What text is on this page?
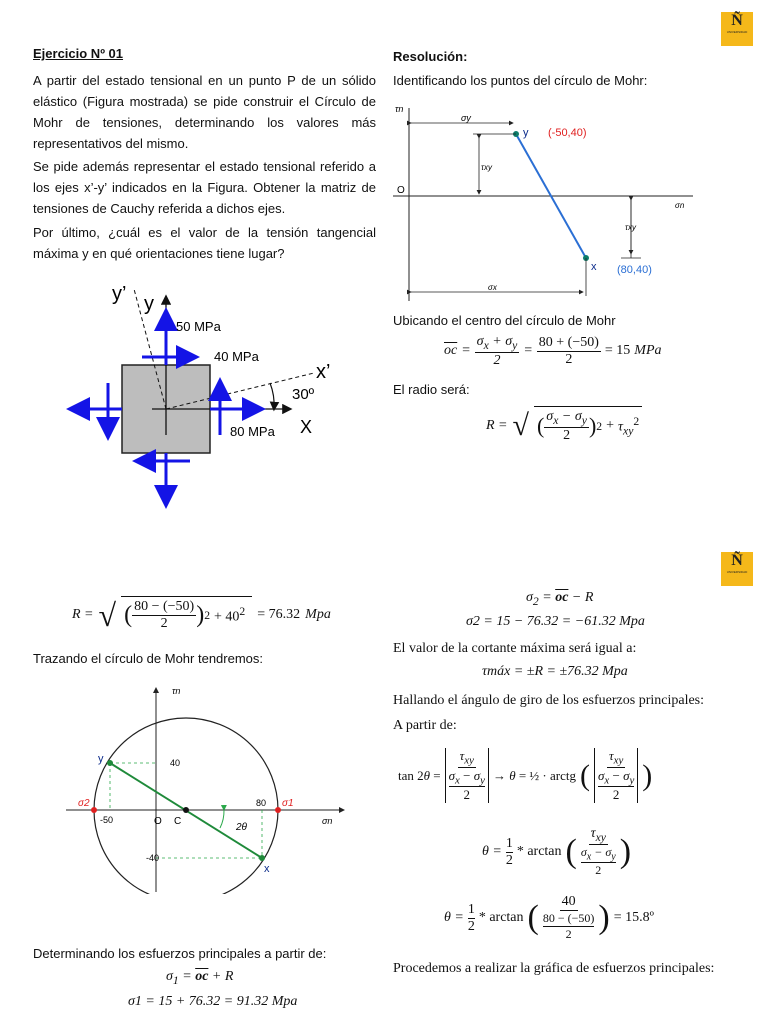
Ñ
UNIVERSIDAD
Ñ
UNIVERSIDAD
Ejercicio Nº 01
A partir del estado tensional en un punto P de un sólido elástico (Figura mostrada) se pide construir el Círculo de Mohr de tensiones, determinando los valores más representativos del mismo.
Se pide además representar el estado tensional referido a los ejes x’-y’ indicados en la Figura. Obtener la matriz de tensiones de Cauchy referida a dichos ejes.
Por último, ¿cuál es el valor de la tensión tangencial máxima y en qué orientaciones tiene lugar?
y’ y
x’
X
50 MPa
40 MPa
80 MPa
30º
Resolución:
Identificando los puntos del círculo de Mohr:
τn
σy
τxy
σn
τxy
σx
O
y
x
(-50,40)
(80,40)
Ubicando el centro del círculo de Mohr
$\overline{oc} = \frac{\sigma_x + \sigma_y}{2} = \frac{80 + (-50)}{2} = 15$ MPa
El radio será:
R = √ ( $\sigma_x - \sigma_y$
2 ) $2 + \tau_{xy}^2$
R = √ ( 80 − (−50)
2 ) $2 + 40^2 = 76.32$ Mpa
Trazando el círculo de Mohr tendremos:
τn
σn
y
x
O C
40
-40
-50
80 σ1
σ2
2θ
Determinando los esfuerzos principales a partir de:
$\sigma_1 = \overline{oc} + R$
σ1 = 15 + 76.32 = 91.32 Mpa
$\sigma_2 = \overline{oc} - R$
σ2 = 15 − 76.32 = −61.32 Mpa
El valor de la cortante máxima será igual a:
τmáx = ±R = ±76.32 Mpa
Hallando el ángulo de giro de los esfuerzos principales:
A partir de:
tan 2θ =
$\tau_{xy}$
$\sigma_x - \sigma_y$
2
→ θ = ½ · arctg (
$\tau_{xy}$
$\sigma_x - \sigma_y$
2
)
$\theta = \frac{1}{2} * \arctan$ ( $\tau_{xy}$
$\sigma_x - \sigma_y$
2
)
$\theta = \frac{1}{2} * \arctan$ ( 40
80 − (−50)
2 ) = 15.8º
Procedemos a realizar la gráfica de esfuerzos principales:
